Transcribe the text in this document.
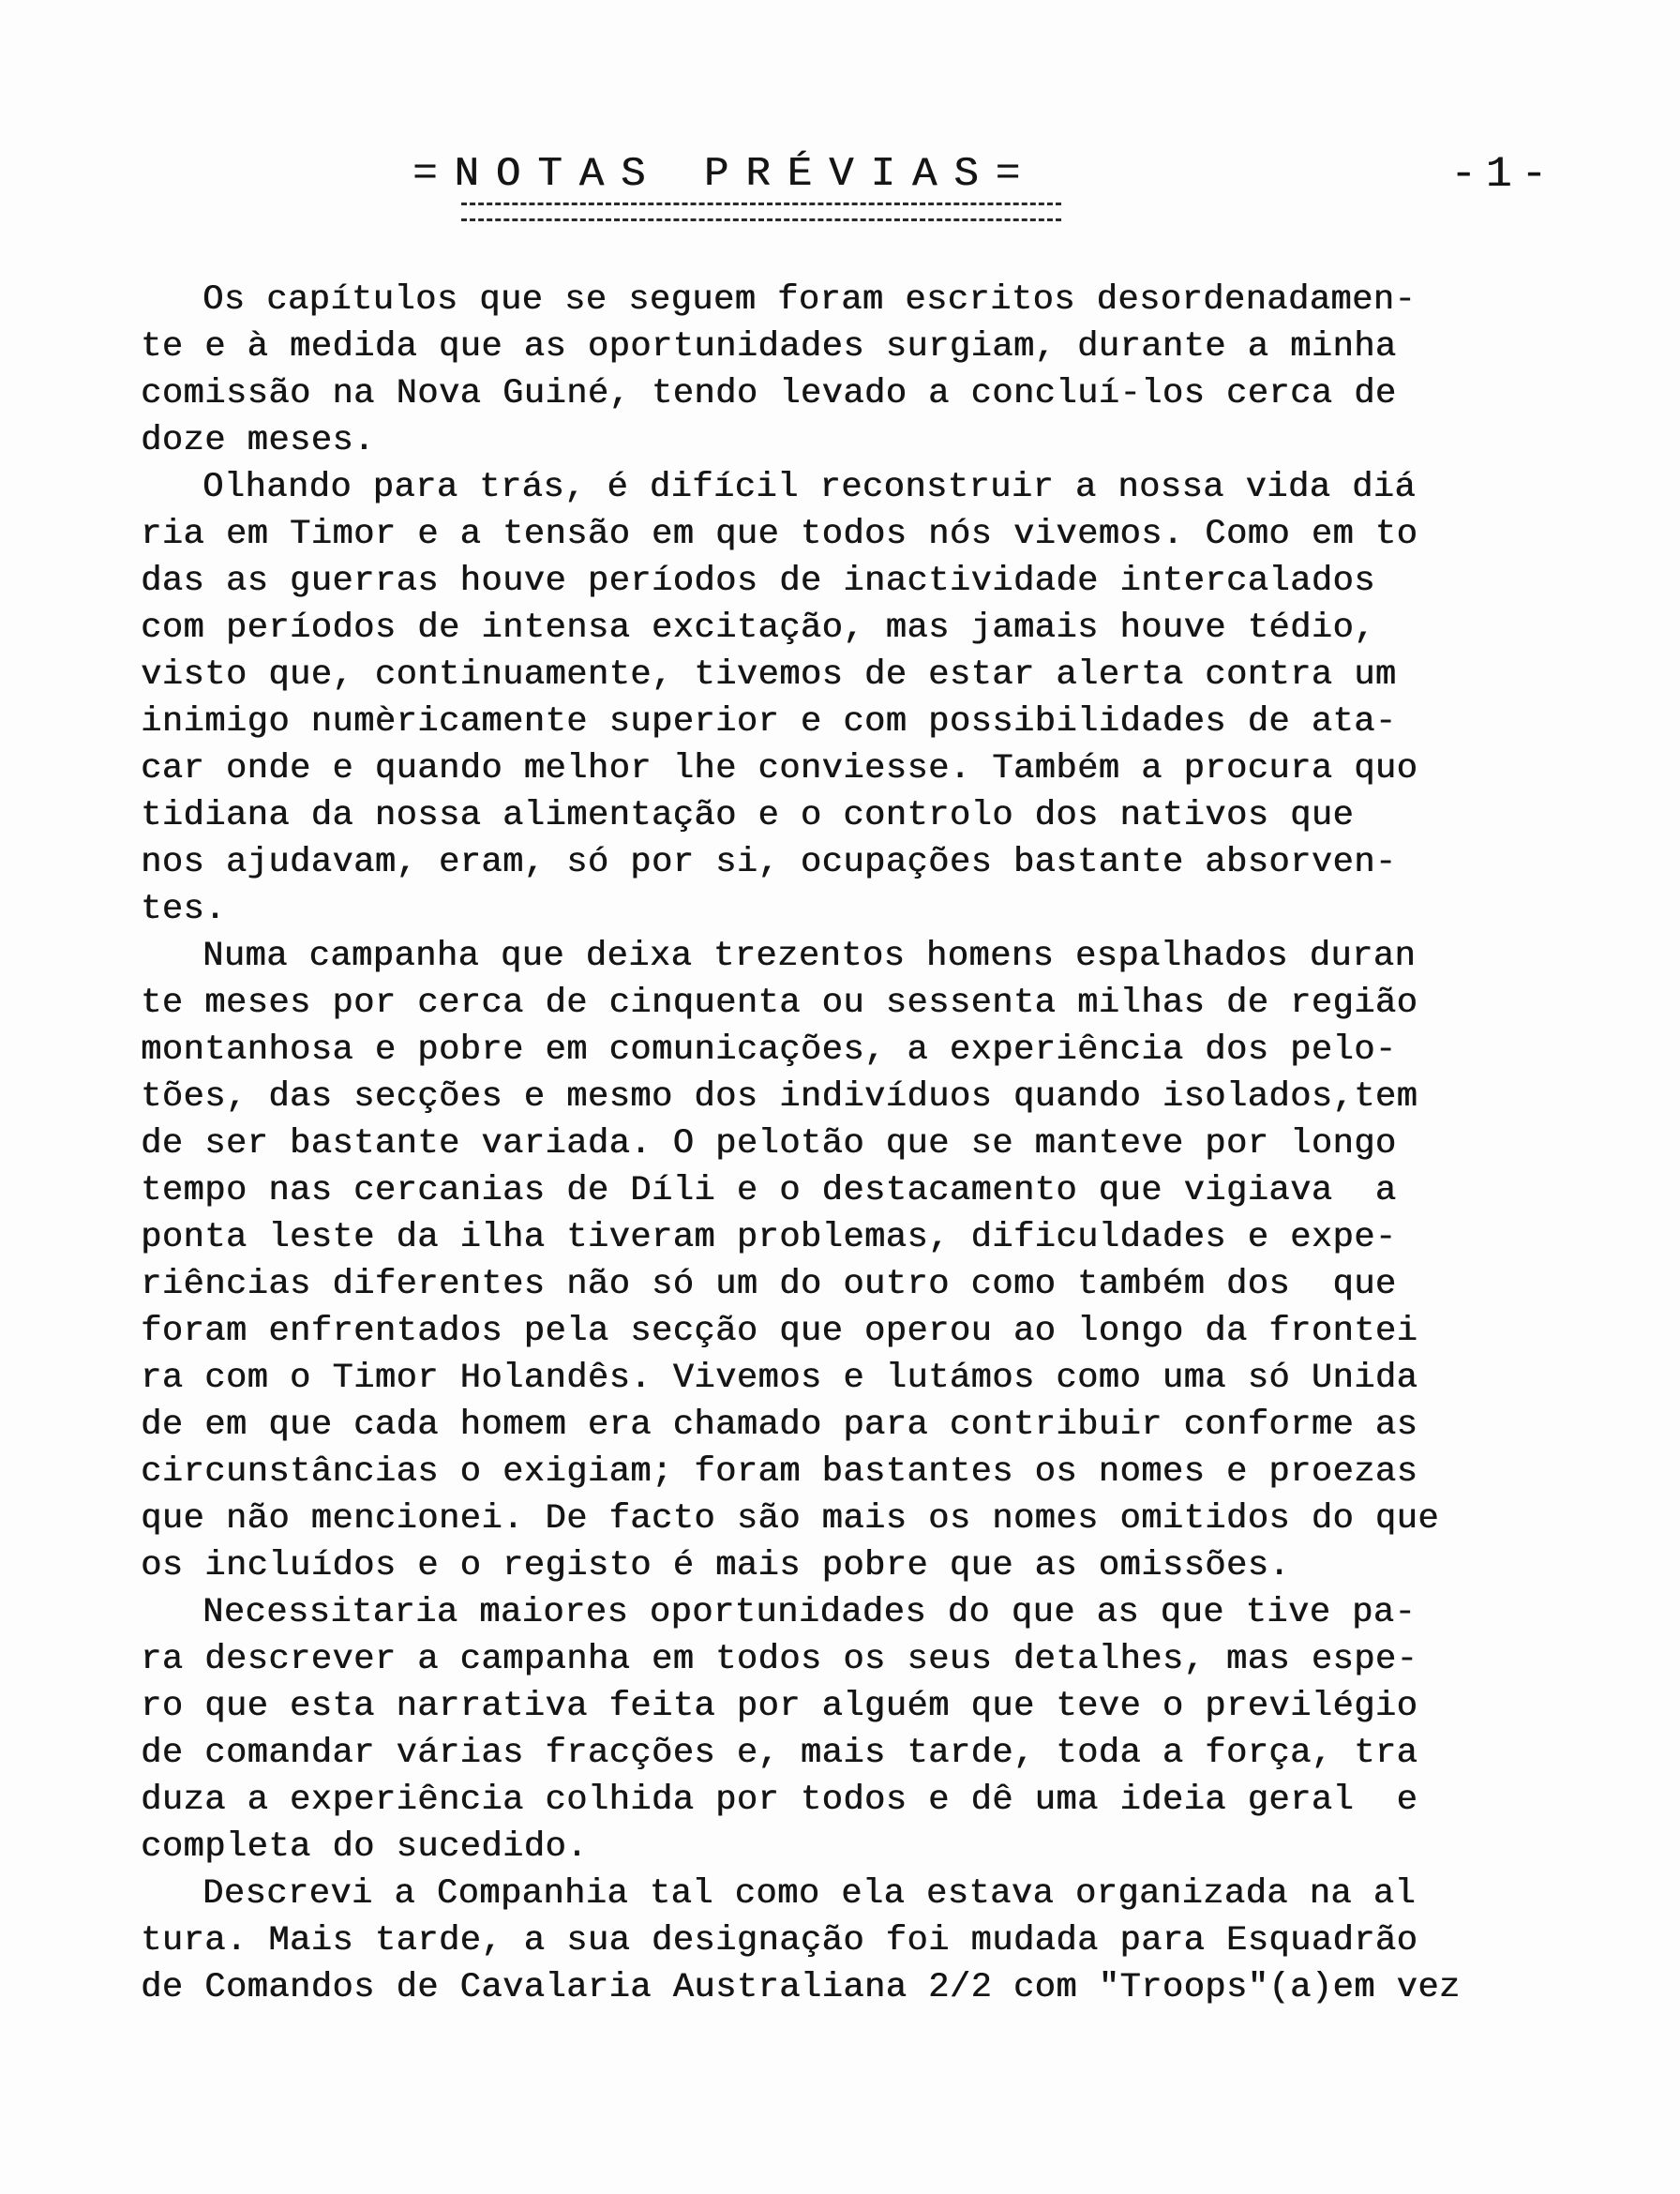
=NOTAS PRÉVIAS=	-1-
Os capítulos que se seguem foram escritos desordenadamen-
te e à medida que as oportunidades surgiam, durante a minha
comissão na Nova Guiné, tendo levado a concluí-los cerca de
doze meses.
Olhando para trás, é difícil reconstruir a nossa vida diá
ria em Timor e a tensão em que todos nós vivemos. Como em to
das as guerras houve períodos de inactividade intercalados
com períodos de intensa excitação, mas jamais houve tédio,
visto que, continuamente, tivemos de estar alerta contra um
inimigo numèricamente superior e com possibilidades de ata-
car onde e quando melhor lhe conviesse. Também a procura quo
tidiana da nossa alimentação e o controlo dos nativos que
nos ajudavam, eram, só por si, ocupações bastante absorven-
tes.
Numa campanha que deixa trezentos homens espalhados duran
te meses por cerca de cinquenta ou sessenta milhas de região
montanhosa e pobre em comunicações, a experiência dos pelo-
tões, das secções e mesmo dos indivíduos quando isolados,tem
de ser bastante variada. O pelotão que se manteve por longo
tempo nas cercanias de Díli e o destacamento que vigiava  a
ponta leste da ilha tiveram problemas, dificuldades e expe-
riências diferentes não só um do outro como também dos  que
foram enfrentados pela secção que operou ao longo da frontei
ra com o Timor Holandês. Vivemos e lutámos como uma só Unida
de em que cada homem era chamado para contribuir conforme as
circunstâncias o exigiam; foram bastantes os nomes e proezas
que não mencionei. De facto são mais os nomes omitidos do que
os incluídos e o registo é mais pobre que as omissões.
Necessitaria maiores oportunidades do que as que tive pa-
ra descrever a campanha em todos os seus detalhes, mas espe-
ro que esta narrativa feita por alguém que teve o previlégio
de comandar várias fracções e, mais tarde, toda a força, tra
duza a experiência colhida por todos e dê uma ideia geral  e
completa do sucedido.
Descrevi a Companhia tal como ela estava organizada na al
tura. Mais tarde, a sua designação foi mudada para Esquadrão
de Comandos de Cavalaria Australiana 2/2 com "Troops"(a)em vez
